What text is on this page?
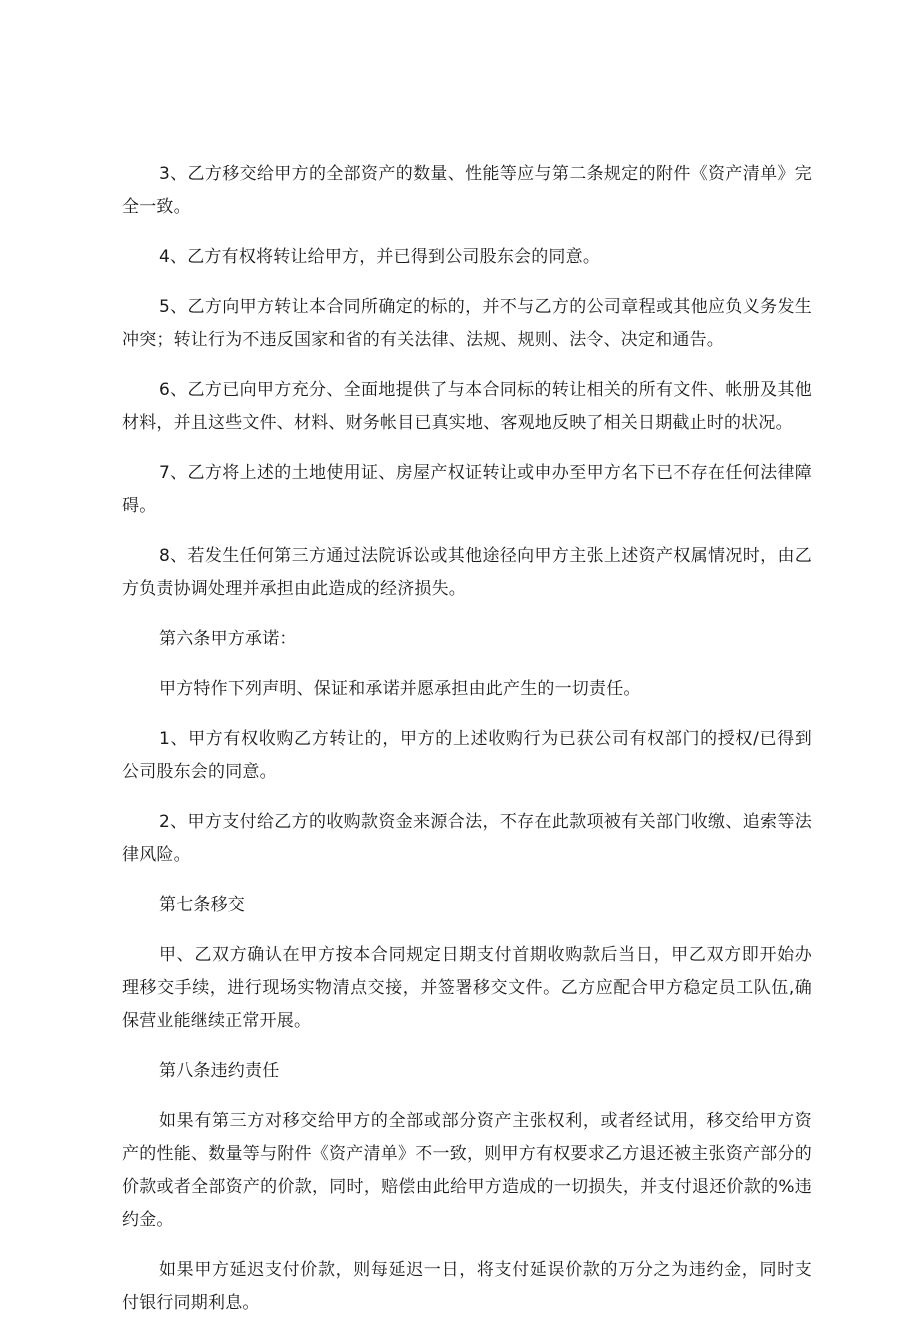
3、乙方移交给甲方的全部资产的数量、性能等应与第二条规定的附件《资产清单》完全一致。

4、乙方有权将转让给甲方，并已得到公司股东会的同意。

5、乙方向甲方转让本合同所确定的标的，并不与乙方的公司章程或其他应负义务发生冲突；转让行为不违反国家和省的有关法律、法规、规则、法令、决定和通告。

6、乙方已向甲方充分、全面地提供了与本合同标的转让相关的所有文件、帐册及其他材料，并且这些文件、材料、财务帐目已真实地、客观地反映了相关日期截止时的状况。

7、乙方将上述的土地使用证、房屋产权证转让或申办至甲方名下已不存在任何法律障碍。

8、若发生任何第三方通过法院诉讼或其他途径向甲方主张上述资产权属情况时，由乙方负责协调处理并承担由此造成的经济损失。

第六条甲方承诺：

甲方特作下列声明、保证和承诺并愿承担由此产生的一切责任。

1、甲方有权收购乙方转让的，甲方的上述收购行为已获公司有权部门的授权/已得到公司股东会的同意。

2、甲方支付给乙方的收购款资金来源合法，不存在此款项被有关部门收缴、追索等法律风险。

第七条移交

甲、乙双方确认在甲方按本合同规定日期支付首期收购款后当日，甲乙双方即开始办理移交手续，进行现场实物清点交接，并签署移交文件。乙方应配合甲方稳定员工队伍,确保营业能继续正常开展。

第八条违约责任

如果有第三方对移交给甲方的全部或部分资产主张权利，或者经试用，移交给甲方资产的性能、数量等与附件《资产清单》不一致，则甲方有权要求乙方退还被主张资产部分的价款或者全部资产的价款，同时，赔偿由此给甲方造成的一切损失，并支付退还价款的%违约金。

如果甲方延迟支付价款，则每延迟一日，将支付延误价款的万分之为违约金，同时支付银行同期利息。
